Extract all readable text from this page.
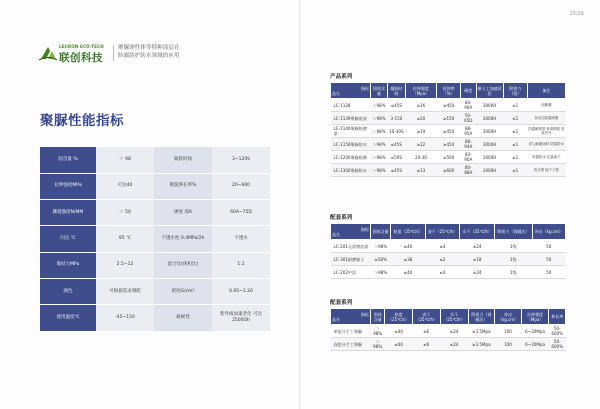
25/26
LECRON ECO-TECH
联创科技
聚脲弹性体等特种涂层在
防腐防护防水领域的应用
聚脲性能指标
固含量 %	＞ 98	凝胶时间	3~120S
拉伸强度MPa	可达40	断裂伸长率%	20~600
撕裂强度N/MM	＞ 50	硬度 邵A	60A~75D
闪点 ℃	95 ℃	不透水性 0.4MPa/2h	不透水
黏结力MPa	2.5~12	混合比(体积比)	1:1
颜色	可根据需求调配	密度G/cm³	0.95~1.20
使用温度℃	-45~150	耐候性	紫外线加速老化 可达2500Oh
产品系列
指标
品名	固体含量	凝胶时间	拉伸强度（Mpa）	延伸率（%）	硬度	耐人工加速试验	附着力（级）	备注
LC-1128	＞98%	≤45S	≥16	≥450	84-90A	3000H	≤1	纯聚脲
LC-1139聚脲底漆	＞98%	3-15S	≥20	≥150	50-65D	3000H	≤1	抗冲击防腐耐磨
LC-1140聚脲防腐漆	＞98%	10-30S	≥19	≥450	88-95A	3000H	≤1	防腐耐磨型 桥梁钢构 管道内外
LC-1150聚脲防水	＞98%	≤45S	≥12	≥450	88-94A	3000H	≤1	矿山耐磨涂料 防腐防水
LC-1200聚脲防腐	＞98%	≤50S	20-30	≥500	83-90A	3000H	≤1	防腐防水 抗氯离子
LC-1300聚脲防水	＞98%	≤45S	≥13	≥600	80-88A	3000H	≤1	防水型 地下工程
配套系列
指标
品名	固体含量	粘度（25℃/s）	表干（25℃/h）	实干（25℃/h）	附着力（划圈法）	冲击（kg.cm）
LC-201无溶剂底漆	＞98%	≤40	≤4	≤24	1级	50
LC-301耐磨腻子	≥58%	≤38	≤2	≤18	1级	50
LC-202中涂	＞98%	≤40	≤4	≤24	1级	50
配套系列
指标
品名	固体含量	粘度（25℃/s）	表干（25℃/h）	实干（25℃/h）	附着力（划圈法）	冲击（kg.cm）	拉伸强度（Mpa）	伸长率
单组分手工聚脲	＞98%	≤40	≤6	≤24	≥3.5Mpa	100	6~20Mpa	50-600%
双组分手工聚脲	＞98%	≤40	≤6	≤24	≥3.5Mpa	100	6~20Mpa	50-600%
